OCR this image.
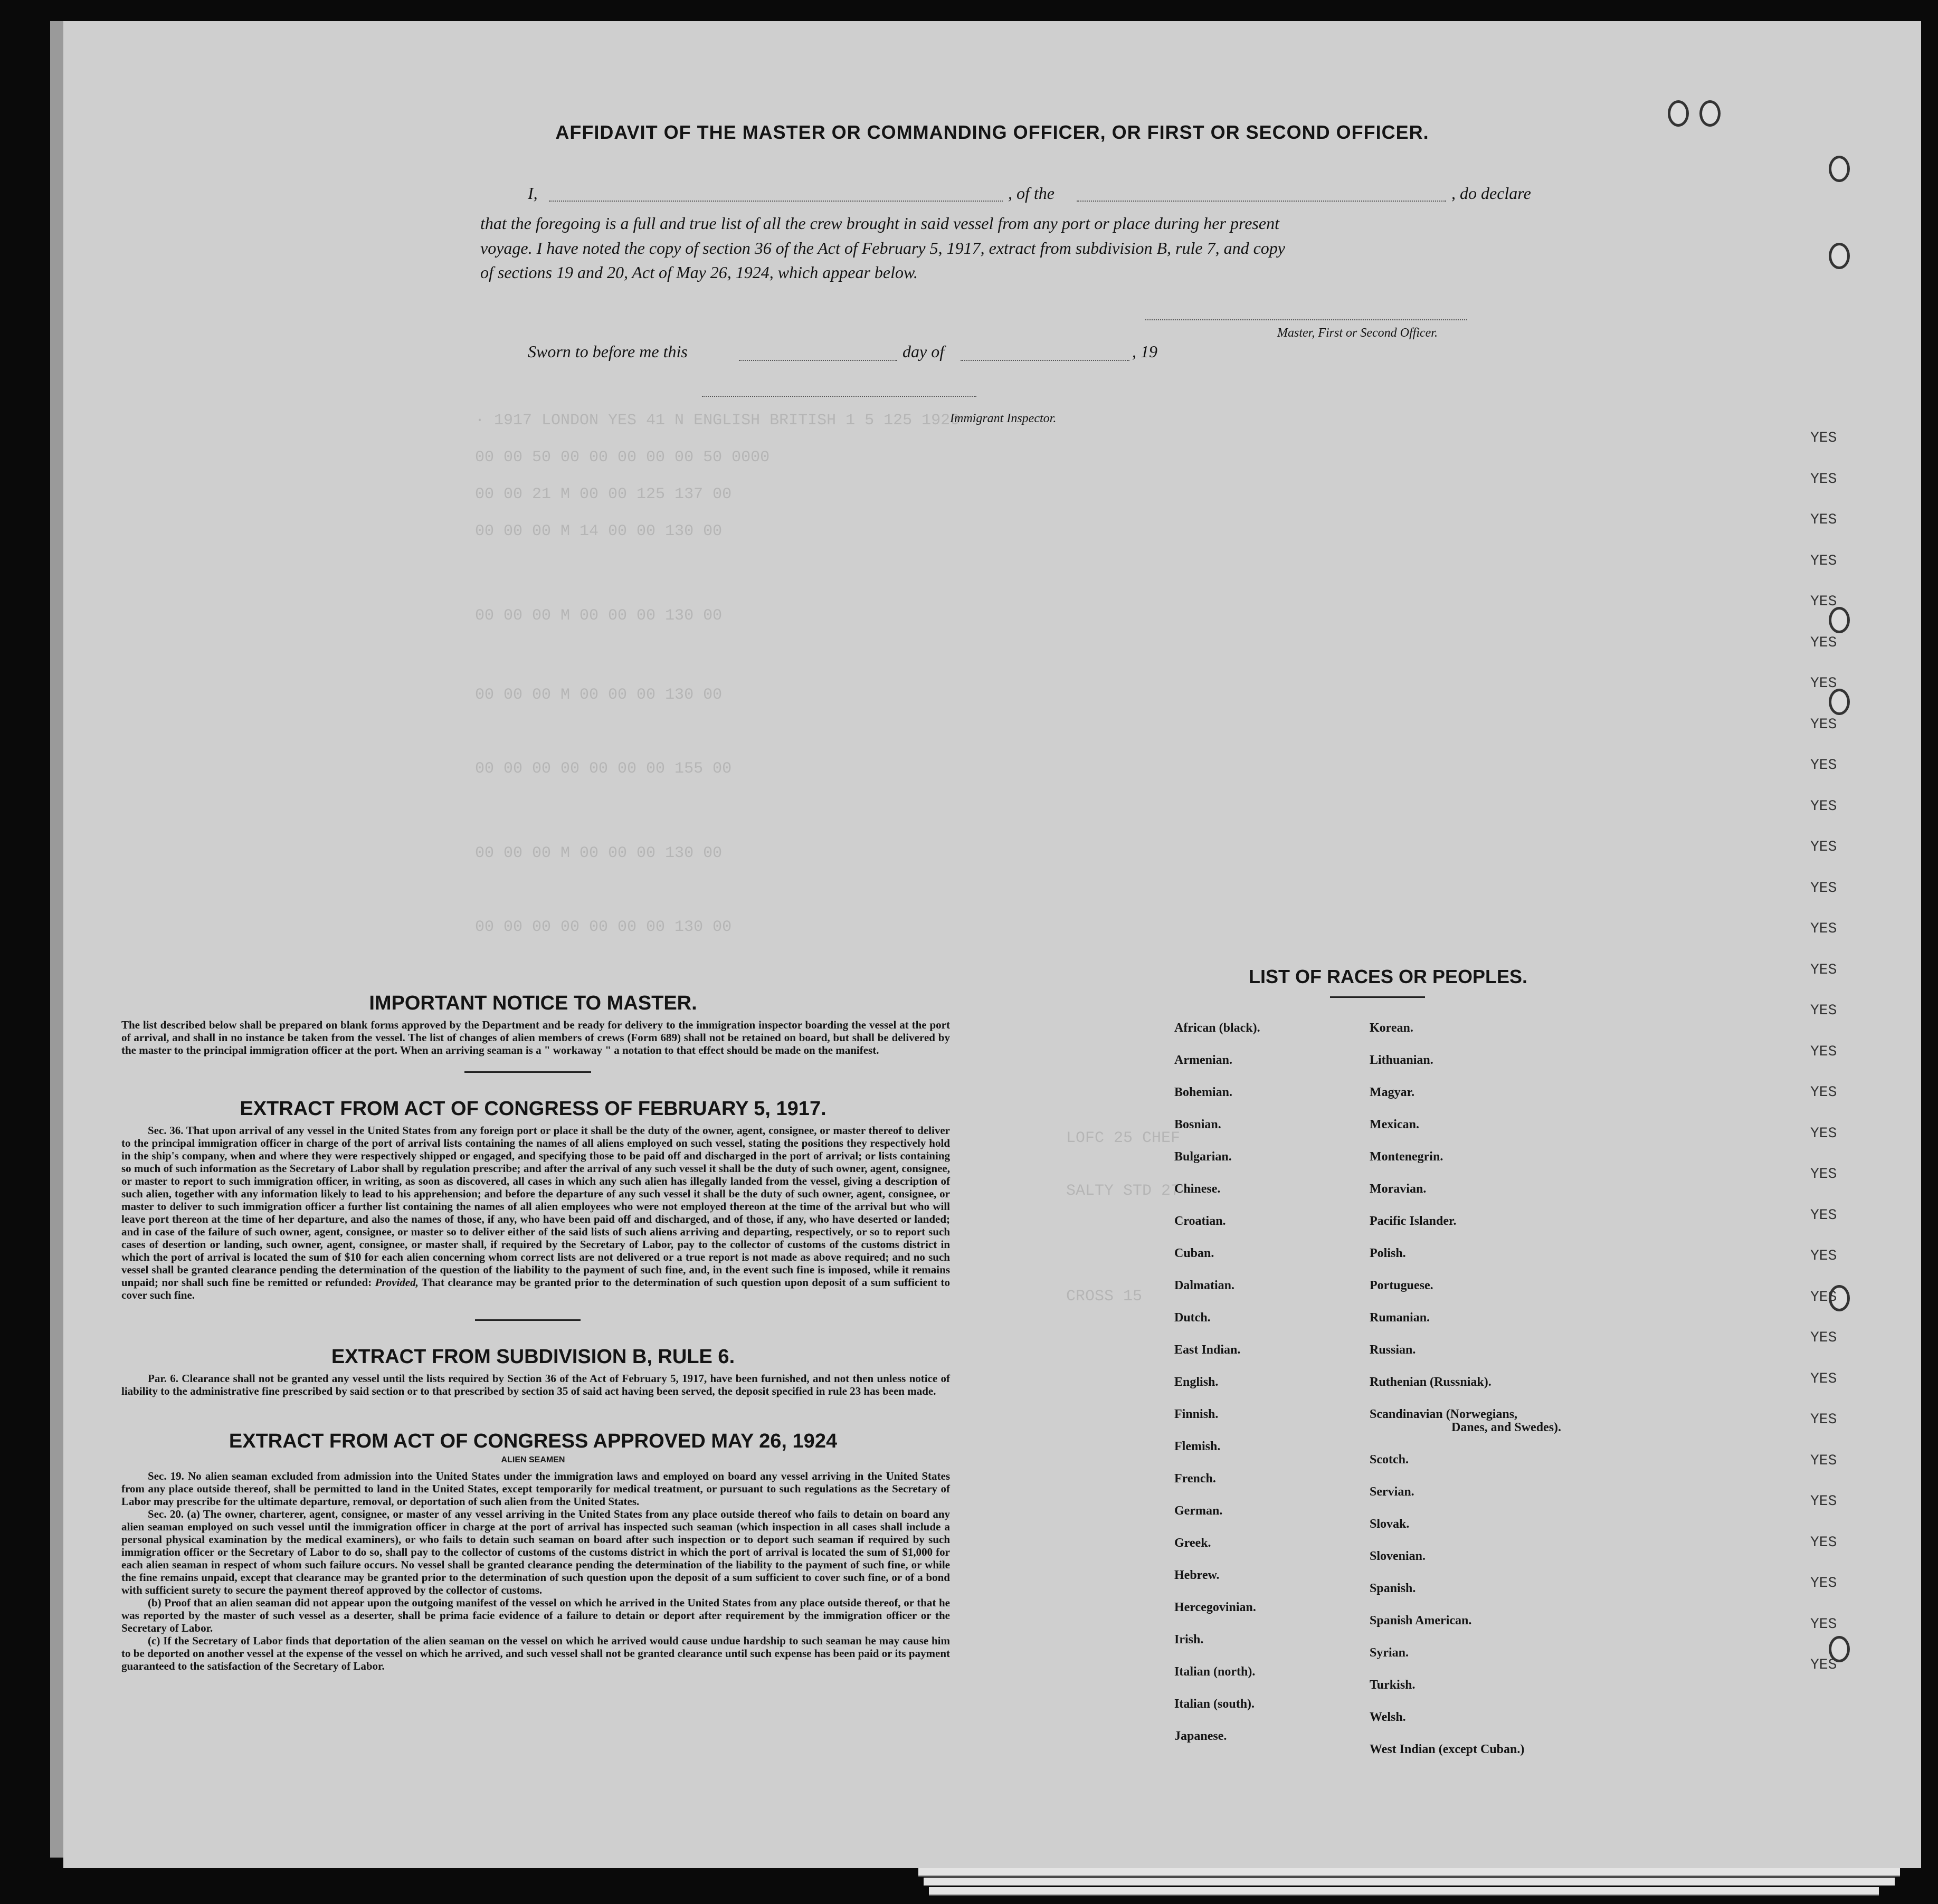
· 1917 LONDON YES 41 N ENGLISH BRITISH 1 5 125 1926
00 00 50 00 00 00 00 00 50 0000
00 00 21 M 00 00 125 137 00
00 00 00 M 14 00 00 130 00
00 00 00 M 00 00 00 130 00
00 00 00 M 00 00 00 130 00
00 00 00 00 00 00 00 155 00
00 00 00 M 00 00 00 130 00
00 00 00 00 00 00 00 130 00
LOFC 25 CHEF
SALTY STD 27
CROSS 15
AFFIDAVIT OF THE MASTER OR COMMANDING OFFICER, OR FIRST OR SECOND OFFICER.
I,	, of the	, do declare
that the foregoing is a full and true list of all the crew brought in said vessel from any port or place during her present
voyage. I have noted the copy of section 36 of the Act of February 5, 1917, extract from subdivision B, rule 7, and copy
of sections 19 and 20, Act of May 26, 1924, which appear below.
Master, First or Second Officer.
Sworn to before me this	day of	, 19
Immigrant Inspector.
IMPORTANT NOTICE TO MASTER.

The list described below shall be prepared on blank forms approved by the Department and be ready for delivery to the immigration inspector boarding the vessel at the port of arrival, and shall in no instance be taken from the vessel. The list of changes of alien members of crews (Form 689) shall not be retained on board, but shall be delivered by the master to the principal immigration officer at the port. When an arriving seaman is a " workaway " a notation to that effect should be made on the manifest.

EXTRACT FROM ACT OF CONGRESS OF FEBRUARY 5, 1917.

Sec. 36. That upon arrival of any vessel in the United States from any foreign port or place it shall be the duty of the owner, agent, consignee, or master thereof to deliver to the principal immigration officer in charge of the port of arrival lists containing the names of all aliens employed on such vessel, stating the positions they respectively hold in the ship's company, when and where they were respectively shipped or engaged, and specifying those to be paid off and discharged in the port of arrival; or lists containing so much of such information as the Secretary of Labor shall by regulation prescribe; and after the arrival of any such vessel it shall be the duty of such owner, agent, consignee, or master to report to such immigration officer, in writing, as soon as discovered, all cases in which any such alien has illegally landed from the vessel, giving a description of such alien, together with any information likely to lead to his apprehension; and before the departure of any such vessel it shall be the duty of such owner, agent, consignee, or master to deliver to such immigration officer a further list containing the names of all alien employees who were not employed thereon at the time of the arrival but who will leave port thereon at the time of her departure, and also the names of those, if any, who have been paid off and discharged, and of those, if any, who have deserted or landed; and in case of the failure of such owner, agent, consignee, or master so to deliver either of the said lists of such aliens arriving and departing, respectively, or so to report such cases of desertion or landing, such owner, agent, consignee, or master shall, if required by the Secretary of Labor, pay to the collector of customs of the customs district in which the port of arrival is located the sum of $10 for each alien concerning whom correct lists are not delivered or a true report is not made as above required; and no such vessel shall be granted clearance pending the determination of the question of the liability to the payment of such fine, and, in the event such fine is imposed, while it remains unpaid; nor shall such fine be remitted or refunded: Provided, That clearance may be granted prior to the determination of such question upon deposit of a sum sufficient to cover such fine.

EXTRACT FROM SUBDIVISION B, RULE 6.

Par. 6. Clearance shall not be granted any vessel until the lists required by Section 36 of the Act of February 5, 1917, have been furnished, and not then unless notice of liability to the administrative fine prescribed by said section or to that prescribed by section 35 of said act having been served, the deposit specified in rule 23 has been made.

EXTRACT FROM ACT OF CONGRESS APPROVED MAY 26, 1924
ALIEN SEAMEN

Sec. 19. No alien seaman excluded from admission into the United States under the immigration laws and employed on board any vessel arriving in the United States from any place outside thereof, shall be permitted to land in the United States, except temporarily for medical treatment, or pursuant to such regulations as the Secretary of Labor may prescribe for the ultimate departure, removal, or deportation of such alien from the United States.

Sec. 20. (a) The owner, charterer, agent, consignee, or master of any vessel arriving in the United States from any place outside thereof who fails to detain on board any alien seaman employed on such vessel until the immigration officer in charge at the port of arrival has inspected such seaman (which inspection in all cases shall include a personal physical examination by the medical examiners), or who fails to detain such seaman on board after such inspection or to deport such seaman if required by such immigration officer or the Secretary of Labor to do so, shall pay to the collector of customs of the customs district in which the port of arrival is located the sum of $1,000 for each alien seaman in respect of whom such failure occurs. No vessel shall be granted clearance pending the determination of the liability to the payment of such fine, or while the fine remains unpaid, except that clearance may be granted prior to the determination of such question upon the deposit of a sum sufficient to cover such fine, or of a bond with sufficient surety to secure the payment thereof approved by the collector of customs.

(b) Proof that an alien seaman did not appear upon the outgoing manifest of the vessel on which he arrived in the United States from any place outside thereof, or that he was reported by the master of such vessel as a deserter, shall be prima facie evidence of a failure to detain or deport after requirement by the immigration officer or the Secretary of Labor.

(c) If the Secretary of Labor finds that deportation of the alien seaman on the vessel on which he arrived would cause undue hardship to such seaman he may cause him to be deported on another vessel at the expense of the vessel on which he arrived, and such vessel shall not be granted clearance until such expense has been paid or its payment guaranteed to the satisfaction of the Secretary of Labor.

LIST OF RACES OR PEOPLES.
Danes, and Swedes).
African (black).
Armenian.
Bohemian.
Bosnian.
Bulgarian.
Chinese.
Croatian.
Cuban.
Dalmatian.
Dutch.
East Indian.
English.
Finnish.
Flemish.
French.
German.
Greek.
Hebrew.
Hercegovinian.
Irish.
Italian (north).
Italian (south).
Japanese.
Korean.
Lithuanian.
Magyar.
Mexican.
Montenegrin.
Moravian.
Pacific Islander.
Polish.
Portuguese.
Rumanian.
Russian.
Ruthenian (Russniak).
Scandinavian (Norwegians,
Scotch.
Servian.
Slovak.
Slovenian.
Spanish.
Spanish American.
Syrian.
Turkish.
Welsh.
West Indian (except Cuban.)
YES
YES
YES
YES
YES
YES
YES
YES
YES
YES
YES
YES
YES
YES
YES
YES
YES
YES
YES
YES
YES
YES
YES
YES
YES
YES
YES
YES
YES
YES
YES
